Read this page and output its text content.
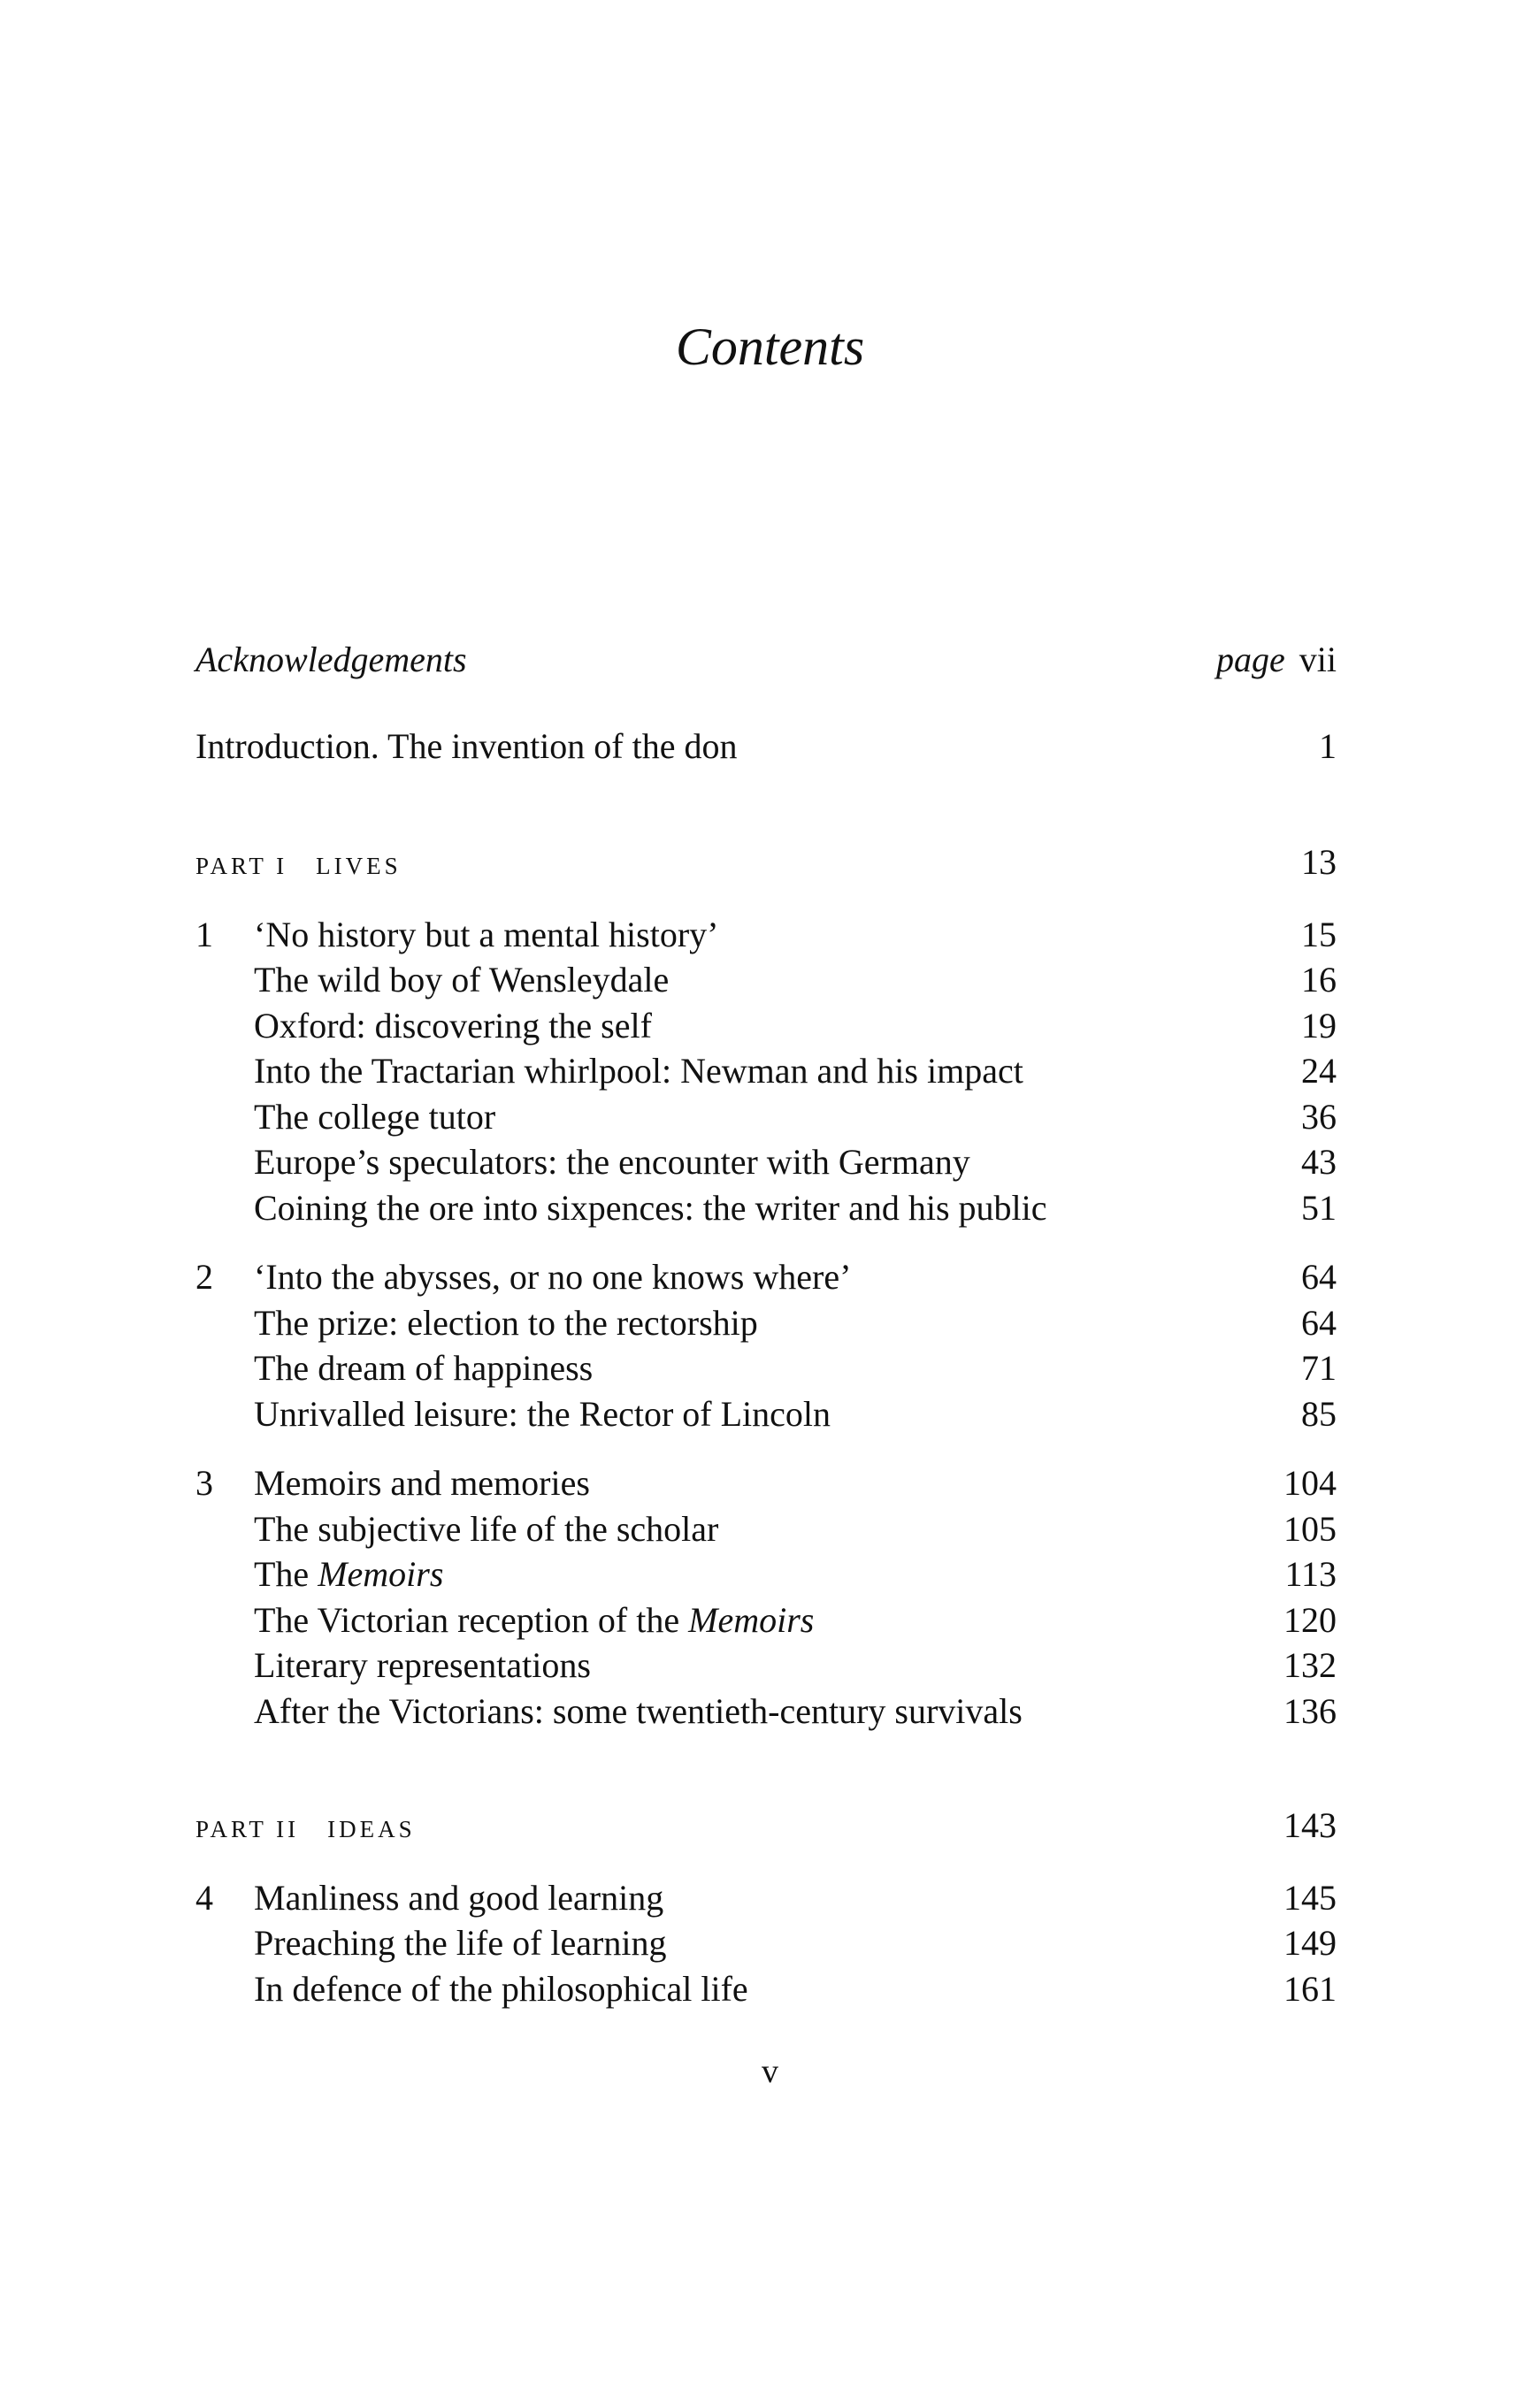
Contents
Acknowledgements	page vii
Introduction. The invention of the don	1
PART I LIVES	13
1	‘No history but a mental history’	15
The wild boy of Wensleydale	16
Oxford: discovering the self	19
Into the Tractarian whirlpool: Newman and his impact	24
The college tutor	36
Europe’s speculators: the encounter with Germany	43
Coining the ore into sixpences: the writer and his public	51
2	‘Into the abysses, or no one knows where’	64
The prize: election to the rectorship	64
The dream of happiness	71
Unrivalled leisure: the Rector of Lincoln	85
3	Memoirs and memories	104
The subjective life of the scholar	105
The Memoirs	113
The Victorian reception of the Memoirs	120
Literary representations	132
After the Victorians: some twentieth-century survivals	136
PART II IDEAS	143
4	Manliness and good learning	145
Preaching the life of learning	149
In defence of the philosophical life	161
v
